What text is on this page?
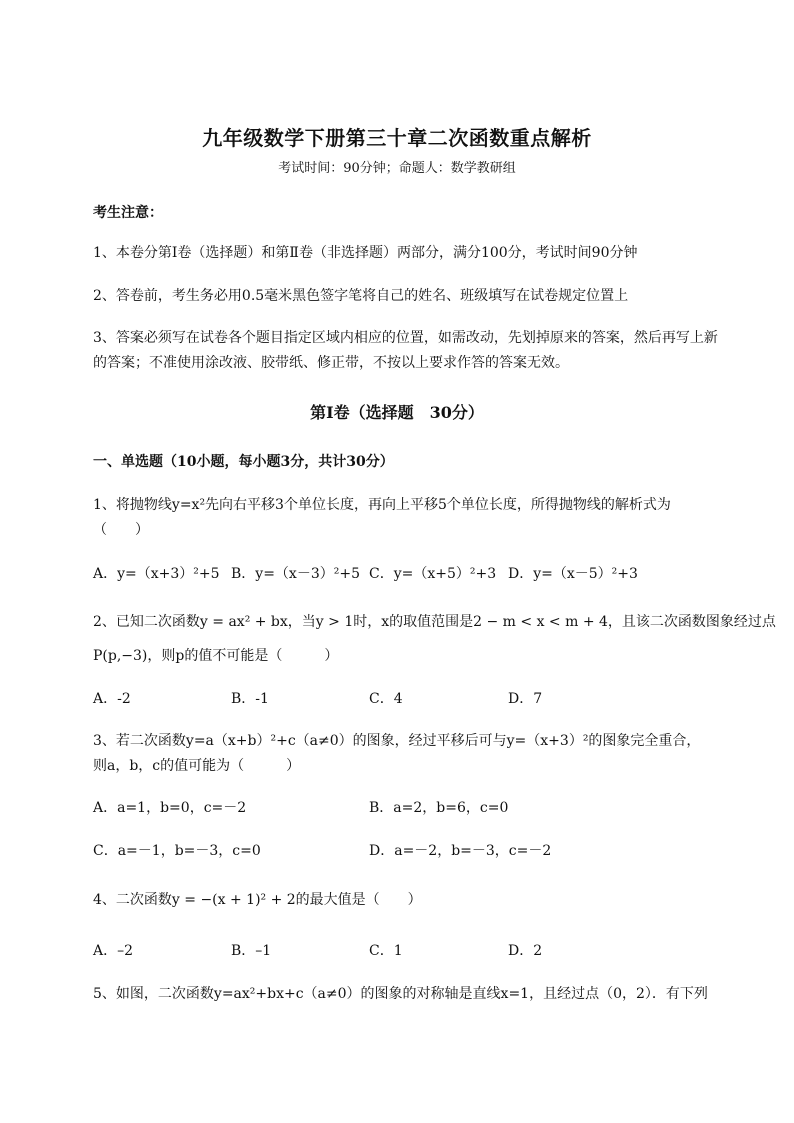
九年级数学下册第三十章二次函数重点解析
考试时间：90分钟；命题人：数学教研组
考生注意：
1、本卷分第Ⅰ卷（选择题）和第Ⅱ卷（非选择题）两部分，满分100分，考试时间90分钟
2、答卷前，考生务必用0.5毫米黑色签字笔将自己的姓名、班级填写在试卷规定位置上
3、答案必须写在试卷各个题目指定区域内相应的位置，如需改动，先划掉原来的答案，然后再写上新
的答案；不准使用涂改液、胶带纸、修正带，不按以上要求作答的答案无效。
第Ⅰ卷（选择题　30分）
一、单选题（10小题，每小题3分，共计30分）
1、将抛物线y=x²先向右平移3个单位长度，再向上平移5个单位长度，所得抛物线的解析式为
（　　）
A．y=（x+3）²+5 B．y=（x－3）²+5 C．y=（x+5）²+3 D．y=（x－5）²+3
2、已知二次函数y = ax² + bx，当y > 1时，x的取值范围是2 − m < x < m + 4，且该二次函数图象经过点
P(p,−3)，则p的值不可能是（　　　）
A．-2	B．-1	C．4	D．7
3、若二次函数y=a（x+b）²+c（a≠0）的图象，经过平移后可与y=（x+3）²的图象完全重合，
则a，b，c的值可能为（　　　）
A．a=1，b=0，c=－2	B．a=2，b=6，c=0
C．a=－1，b=－3，c=0	D．a=－2，b=－3，c=－2
4、二次函数y = −(x + 1)² + 2的最大值是（　　）
A．–2	B．–1	C．1	D．2
5、如图，二次函数y=ax²+bx+c（a≠0）的图象的对称轴是直线x=1，且经过点（0，2）．有下列
